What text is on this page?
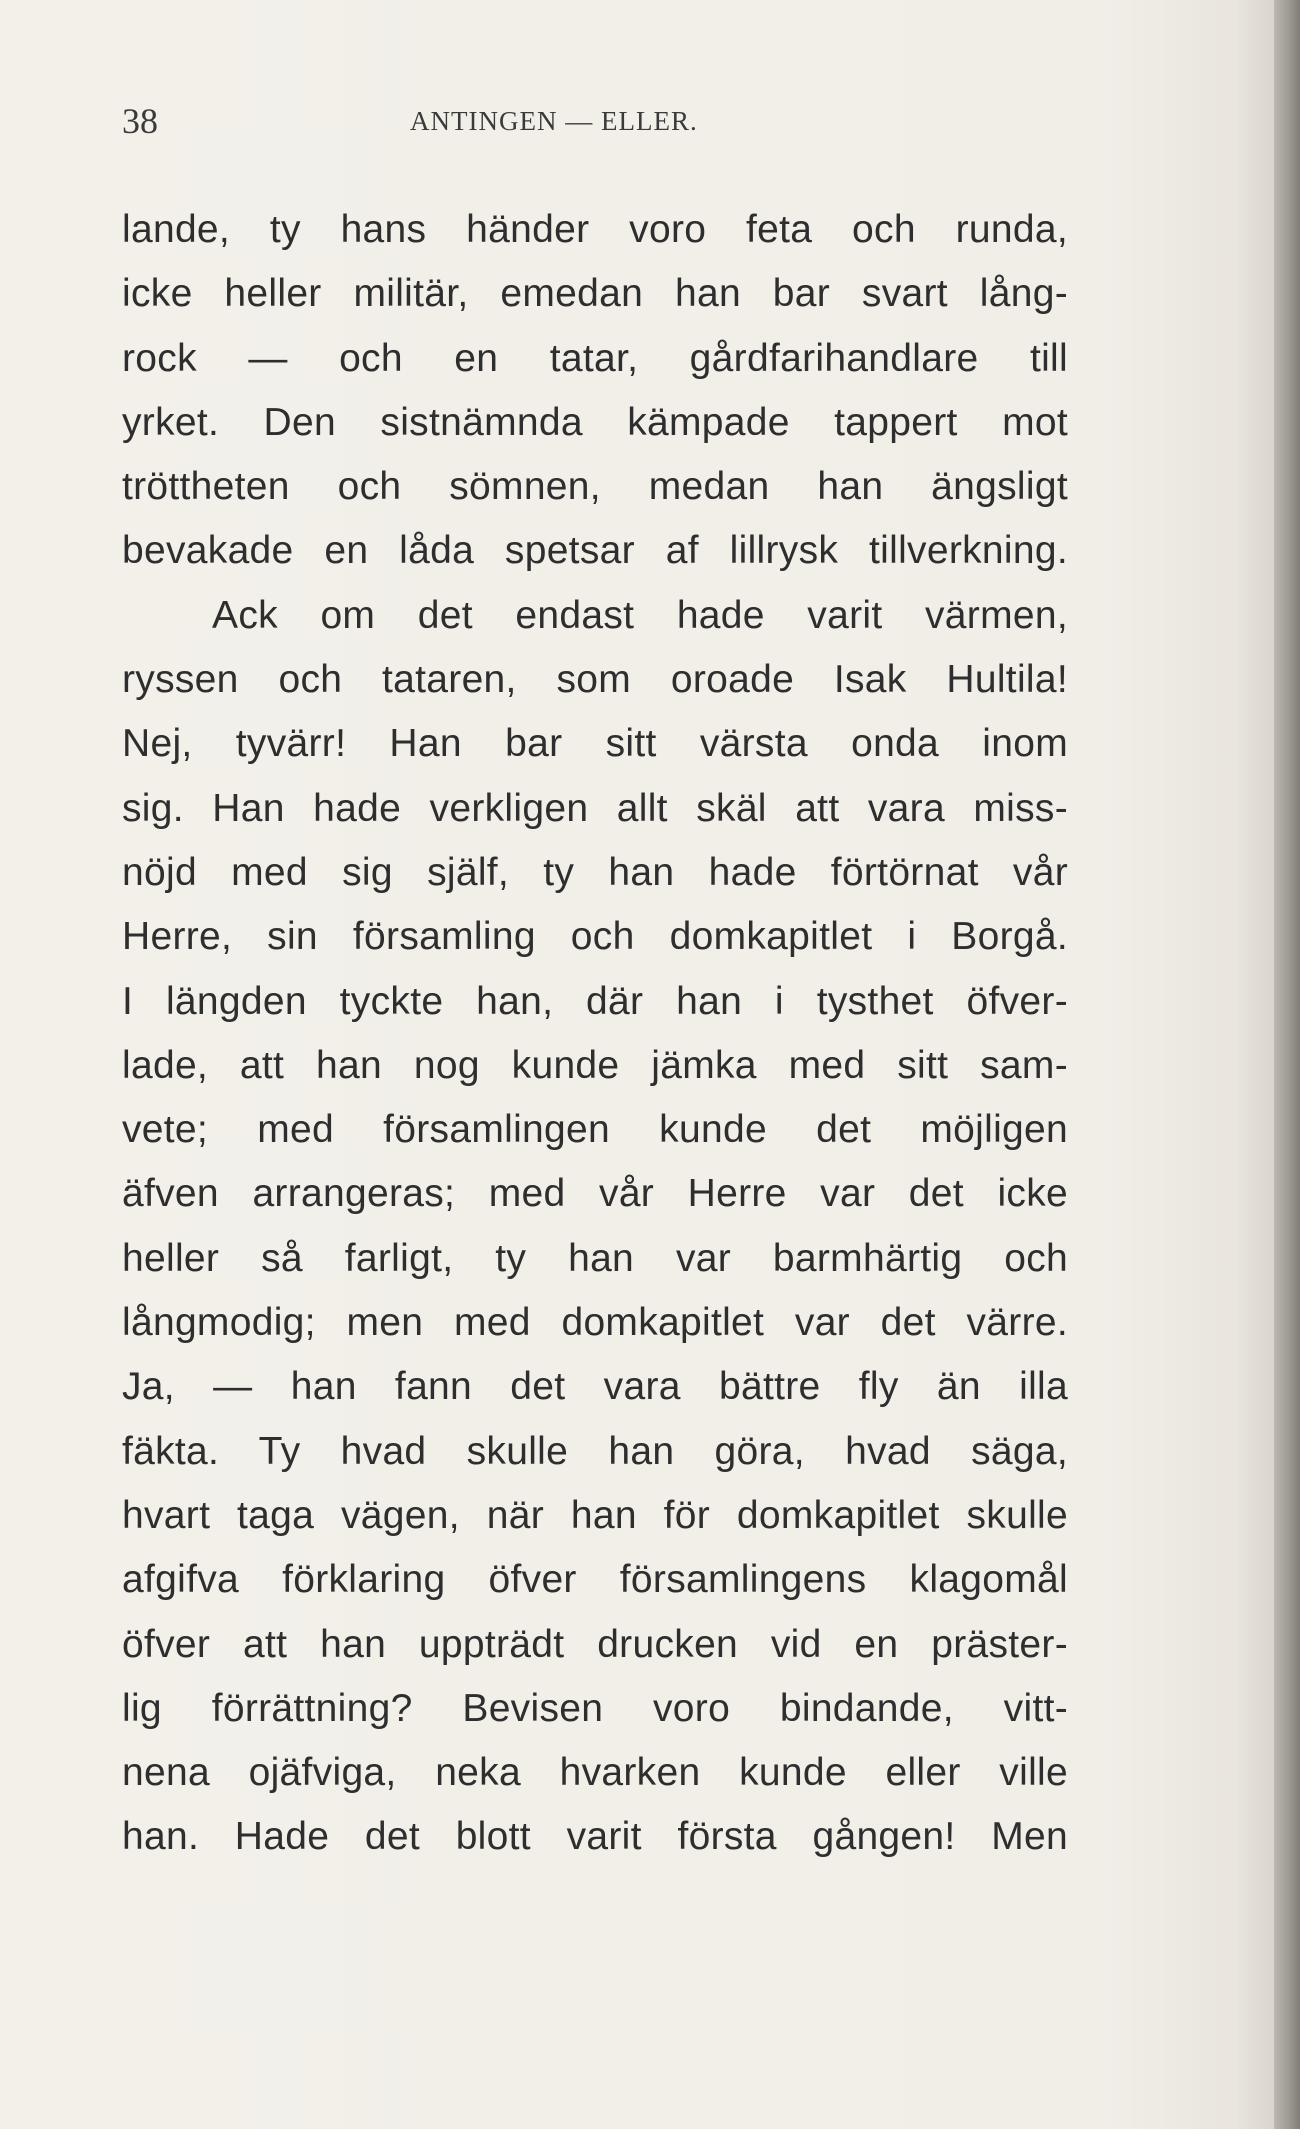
38	ANTINGEN — ELLER.
lande, ty hans händer voro feta och runda,
icke heller militär, emedan han bar svart lång-
rock — och en tatar, gårdfarihandlare till
yrket. Den sistnämnda kämpade tappert mot
tröttheten och sömnen, medan han ängsligt
bevakade en låda spetsar af lillrysk tillverkning.
Ack om det endast hade varit värmen,
ryssen och tataren, som oroade Isak Hultila!
Nej, tyvärr! Han bar sitt värsta onda inom
sig. Han hade verkligen allt skäl att vara miss-
nöjd med sig själf, ty han hade förtörnat vår
Herre, sin församling och domkapitlet i Borgå.
I längden tyckte han, där han i tysthet öfver-
lade, att han nog kunde jämka med sitt sam-
vete; med församlingen kunde det möjligen
äfven arrangeras; med vår Herre var det icke
heller så farligt, ty han var barmhärtig och
långmodig; men med domkapitlet var det värre.
Ja, — han fann det vara bättre fly än illa
fäkta. Ty hvad skulle han göra, hvad säga,
hvart taga vägen, när han för domkapitlet skulle
afgifva förklaring öfver församlingens klagomål
öfver att han uppträdt drucken vid en präster-
lig förrättning? Bevisen voro bindande, vitt-
nena ojäfviga, neka hvarken kunde eller ville
han. Hade det blott varit första gången! Men
